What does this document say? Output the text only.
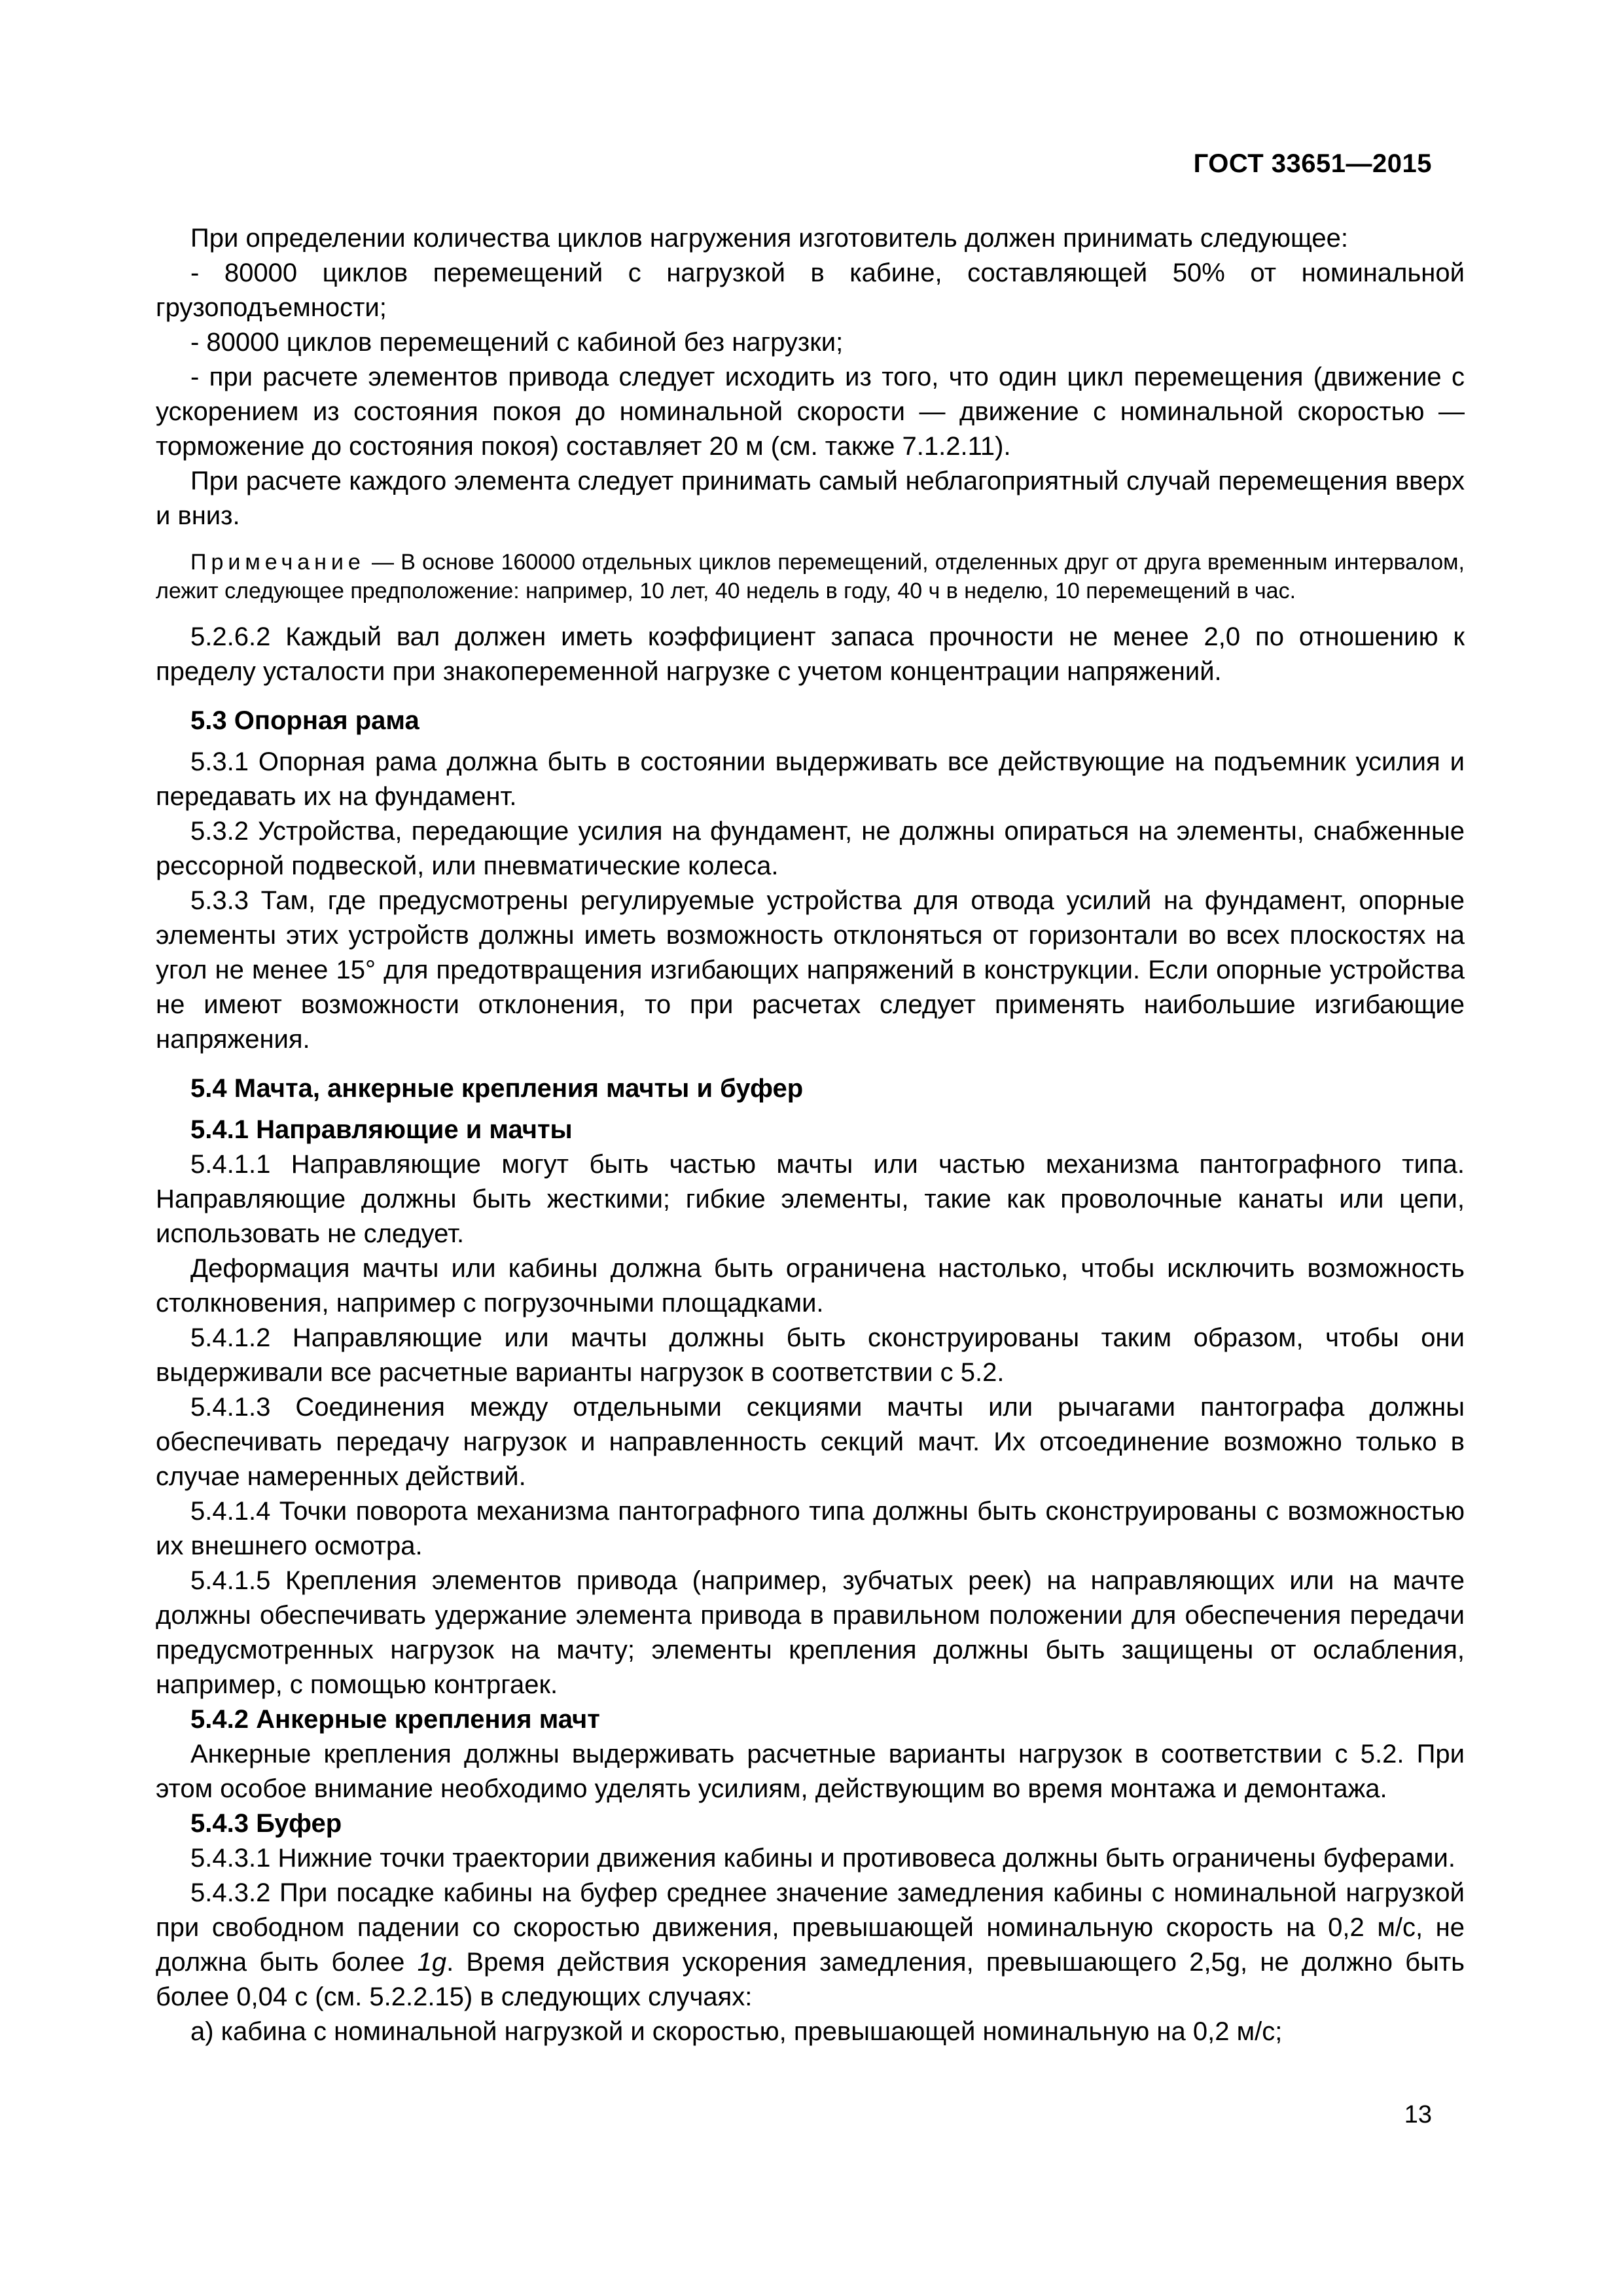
ГОСТ 33651—2015

При определении количества циклов нагружения изготовитель должен принимать следующее:

- 80000 циклов перемещений с нагрузкой в кабине, составляющей 50% от номинальной грузоподъемности;

- 80000 циклов перемещений с кабиной без нагрузки;

- при расчете элементов привода следует исходить из того, что один цикл перемещения (движение с ускорением из состояния покоя до номинальной скорости — движение с номинальной скоростью — торможение до состояния покоя) составляет 20 м (см. также 7.1.2.11).

При расчете каждого элемента следует принимать самый неблагоприятный случай перемещения вверх и вниз.

Примечание — В основе 160000 отдельных циклов перемещений, отделенных друг от друга временным интервалом, лежит следующее предположение: например, 10 лет, 40 недель в году, 40 ч в неделю, 10 перемещений в час.

5.2.6.2 Каждый вал должен иметь коэффициент запаса прочности не менее 2,0 по отношению к пределу усталости при знакопеременной нагрузке с учетом концентрации напряжений.

5.3 Опорная рама

5.3.1 Опорная рама должна быть в состоянии выдерживать все действующие на подъемник усилия и передавать их на фундамент.

5.3.2 Устройства, передающие усилия на фундамент, не должны опираться на элементы, снабженные рессорной подвеской, или пневматические колеса.

5.3.3 Там, где предусмотрены регулируемые устройства для отвода усилий на фундамент, опорные элементы этих устройств должны иметь возможность отклоняться от горизонтали во всех плоскостях на угол не менее 15° для предотвращения изгибающих напряжений в конструкции. Если опорные устройства не имеют возможности отклонения, то при расчетах следует применять наибольшие изгибающие напряжения.

5.4 Мачта, анкерные крепления мачты и буфер
5.4.1 Направляющие и мачты

5.4.1.1 Направляющие могут быть частью мачты или частью механизма пантографного типа. Направляющие должны быть жесткими; гибкие элементы, такие как проволочные канаты или цепи, использовать не следует.

Деформация мачты или кабины должна быть ограничена настолько, чтобы исключить возможность столкновения, например с погрузочными площадками.

5.4.1.2 Направляющие или мачты должны быть сконструированы таким образом, чтобы они выдерживали все расчетные варианты нагрузок в соответствии с 5.2.

5.4.1.3 Соединения между отдельными секциями мачты или рычагами пантографа должны обеспечивать передачу нагрузок и направленность секций мачт. Их отсоединение возможно только в случае намеренных действий.

5.4.1.4 Точки поворота механизма пантографного типа должны быть сконструированы с возможностью их внешнего осмотра.

5.4.1.5 Крепления элементов привода (например, зубчатых реек) на направляющих или на мачте должны обеспечивать удержание элемента привода в правильном положении для обеспечения передачи предусмотренных нагрузок на мачту; элементы крепления должны быть защищены от ослабления, например, с помощью контргаек.

5.4.2 Анкерные крепления мачт

Анкерные крепления должны выдерживать расчетные варианты нагрузок в соответствии с 5.2. При этом особое внимание необходимо уделять усилиям, действующим во время монтажа и демонтажа.

5.4.3 Буфер

5.4.3.1 Нижние точки траектории движения кабины и противовеса должны быть ограничены буферами.

5.4.3.2 При посадке кабины на буфер среднее значение замедления кабины с номинальной нагрузкой при свободном падении со скоростью движения, превышающей номинальную скорость на 0,2 м/с, не должна быть более 1g. Время действия ускорения замедления, превышающего 2,5g, не должно быть более 0,04 с (см. 5.2.2.15) в следующих случаях:

а) кабина с номинальной нагрузкой и скоростью, превышающей номинальную на 0,2 м/с;

13
